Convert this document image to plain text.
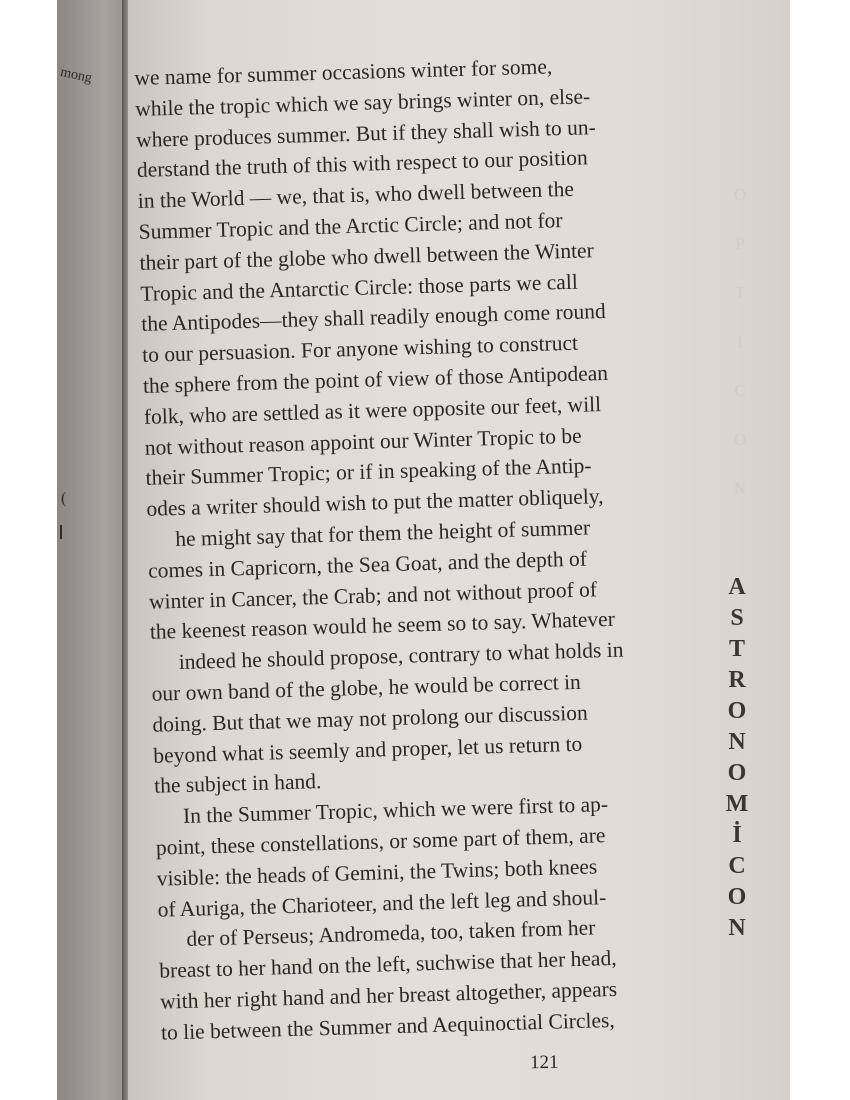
mong
(
O
P
T
I
C
O
N
we name for summer occasions winter for some,
while the tropic which we say brings winter on, else-
where produces summer. But if they shall wish to un-
derstand the truth of this with respect to our position
in the World — we, that is, who dwell between the
Summer Tropic and the Arctic Circle; and not for
their part of the globe who dwell between the Winter
Tropic and the Antarctic Circle: those parts we call
the Antipodes—they shall readily enough come round
to our persuasion. For anyone wishing to construct
the sphere from the point of view of those Antipodean
folk, who are settled as it were opposite our feet, will
not without reason appoint our Winter Tropic to be
their Summer Tropic; or if in speaking of the Antip-
odes a writer should wish to put the matter obliquely,
he might say that for them the height of summer
comes in Capricorn, the Sea Goat, and the depth of
winter in Cancer, the Crab; and not without proof of
the keenest reason would he seem so to say. Whatever
indeed he should propose, contrary to what holds in
our own band of the globe, he would be correct in
doing. But that we may not prolong our discussion
beyond what is seemly and proper, let us return to
the subject in hand.
In the Summer Tropic, which we were first to ap-
point, these constellations, or some part of them, are
visible: the heads of Gemini, the Twins; both knees
of Auriga, the Charioteer, and the left leg and shoul-
der of Perseus; Andromeda, too, taken from her
breast to her hand on the left, suchwise that her head,
with her right hand and her breast altogether, appears
to lie between the Summer and Aequinoctial Circles,
121
A
S
T
R
O
N
O
M
İ
C
O
N
